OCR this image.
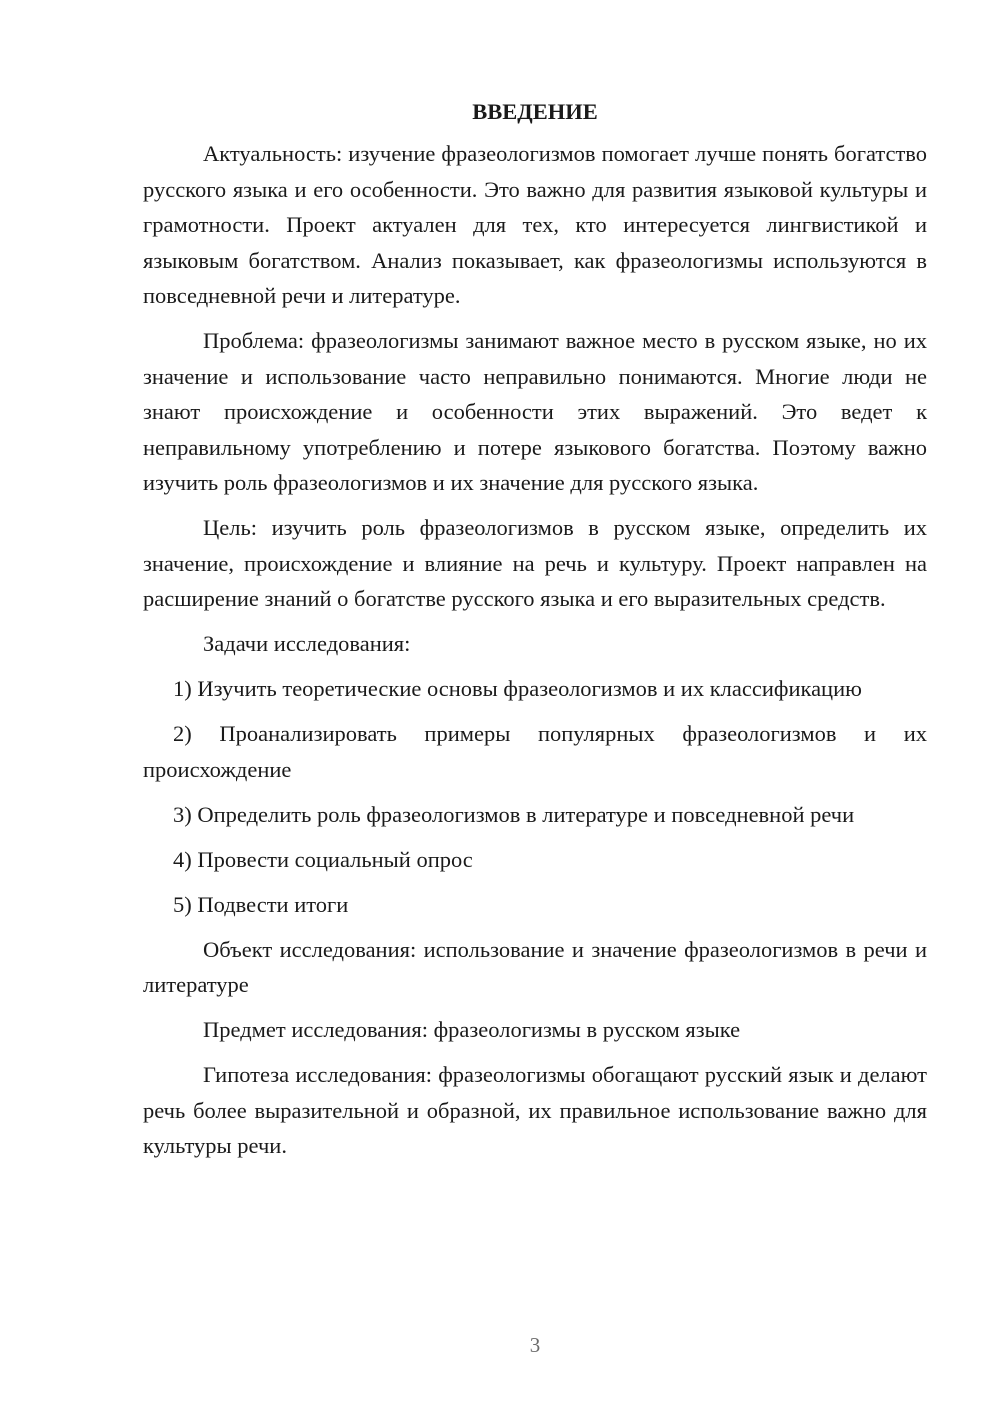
ВВЕДЕНИЕ

Актуальность: изучение фразеологизмов помогает лучше понять богатство русского языка и его особенности. Это важно для развития языковой культуры и грамотности. Проект актуален для тех, кто интересуется лингвистикой и языковым богатством. Анализ показывает, как фразеологизмы используются в повседневной речи и литературе.

Проблема: фразеологизмы занимают важное место в русском языке, но их значение и использование часто неправильно понимаются. Многие люди не знают происхождение и особенности этих выражений. Это ведет к неправильному употреблению и потере языкового богатства. Поэтому важно изучить роль фразеологизмов и их значение для русского языка.

Цель: изучить роль фразеологизмов в русском языке, определить их значение, происхождение и влияние на речь и культуру. Проект направлен на расширение знаний о богатстве русского языка и его выразительных средств.

Задачи исследования:

1) Изучить теоретические основы фразеологизмов и их классификацию

2) Проанализировать примеры популярных фразеологизмов и их происхождение

3) Определить роль фразеологизмов в литературе и повседневной речи

4) Провести социальный опрос

5) Подвести итоги

Объект исследования: использование и значение фразеологизмов в речи и литературе

Предмет исследования: фразеологизмы в русском языке

Гипотеза исследования: фразеологизмы обогащают русский язык и делают речь более выразительной и образной, их правильное использование важно для культуры речи.

3
